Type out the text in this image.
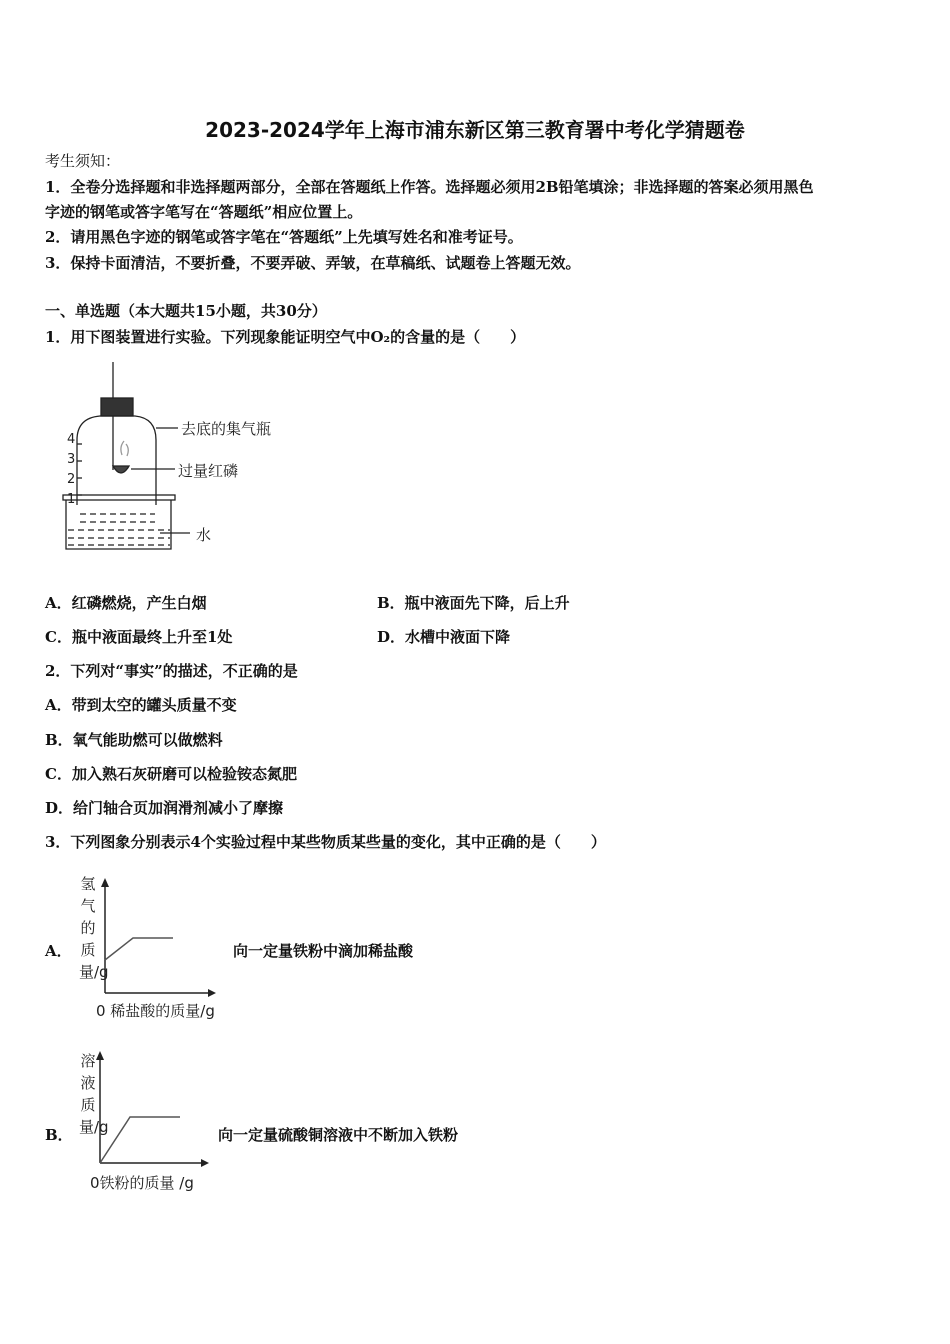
2023-2024学年上海市浦东新区第三教育署中考化学猜题卷
考生须知：
1．全卷分选择题和非选择题两部分，全部在答题纸上作答。选择题必须用2B铅笔填涂；非选择题的答案必须用黑色
字迹的钢笔或答字笔写在“答题纸”相应位置上。
2．请用黑色字迹的钢笔或答字笔在“答题纸”上先填写姓名和准考证号。
3．保持卡面清洁，不要折叠，不要弄破、弄皱，在草稿纸、试题卷上答题无效。
一、单选题（本大题共15小题，共30分）
1．用下图装置进行实验。下列现象能证明空气中O₂的含量的是（　　）
去底的集气瓶
过量红磷
水
4
3
2
1
A．红磷燃烧，产生白烟	B．瓶中液面先下降，后上升
C．瓶中液面最终上升至1处	D．水槽中液面下降
2．下列对“事实”的描述，不正确的是
A．带到太空的罐头质量不变
B．氧气能助燃可以做燃料
C．加入熟石灰研磨可以检验铵态氮肥
D．给门轴合页加润滑剂减小了摩擦
3．下列图象分别表示4个实验过程中某些物质某些量的变化，其中正确的是（　　）
A．
氢气的质量/g
0 稀盐酸的质量/g
向一定量铁粉中滴加稀盐酸
B．
溶液质量/g
0铁粉的质量 /g
向一定量硫酸铜溶液中不断加入铁粉
